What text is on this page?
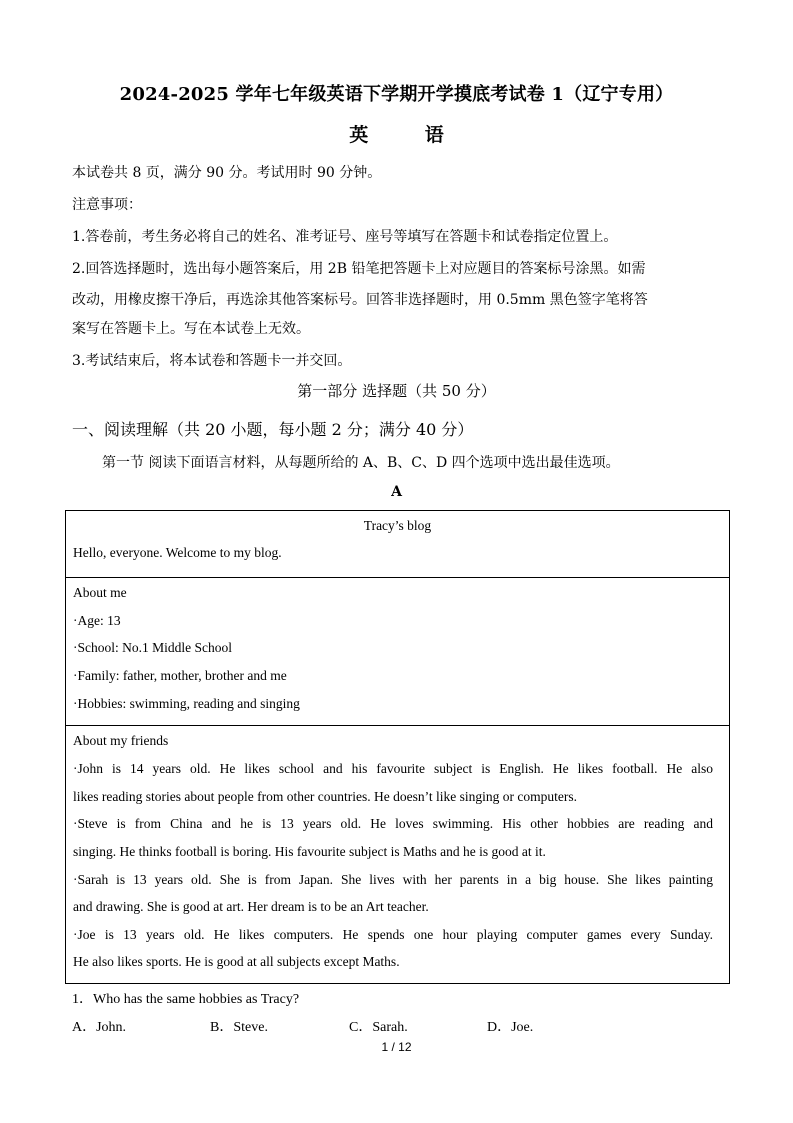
2024-2025 学年七年级英语下学期开学摸底考试卷 1（辽宁专用）
英 语
本试卷共 8 页，满分 90 分。考试用时 90 分钟。
注意事项：
1.答卷前，考生务必将自己的姓名、准考证号、座号等填写在答题卡和试卷指定位置上。
2.回答选择题时，选出每小题答案后，用 2B 铅笔把答题卡上对应题目的答案标号涂黑。如需
改动，用橡皮擦干净后，再选涂其他答案标号。回答非选择题时，用 0.5mm 黑色签字笔将答
案写在答题卡上。写在本试卷上无效。
3.考试结束后，将本试卷和答题卡一并交回。
第一部分 选择题（共 50 分）
一、阅读理解（共 20 小题，每小题 2 分；满分 40 分）
第一节 阅读下面语言材料，从每题所给的 A、B、C、D 四个选项中选出最佳选项。
A
Tracy’s blog
Hello, everyone. Welcome to my blog.
About me
·Age: 13
·School: No.1 Middle School
·Family: father, mother, brother and me
·Hobbies: swimming, reading and singing
About my friends
·John is 14 years old. He likes school and his favourite subject is English. He likes football. He also
likes reading stories about people from other countries. He doesn’t like singing or computers.
·Steve is from China and he is 13 years old. He loves swimming. His other hobbies are reading and
singing. He thinks football is boring. His favourite subject is Maths and he is good at it.
·Sarah is 13 years old. She is from Japan. She lives with her parents in a big house. She likes painting
and drawing. She is good at art. Her dream is to be an Art teacher.
·Joe is 13 years old. He likes computers. He spends one hour playing computer games every Sunday.
He also likes sports. He is good at all subjects except Maths.
1．Who has the same hobbies as Tracy?
A．John.	B．Steve.	C．Sarah.	D．Joe.
1 / 12
